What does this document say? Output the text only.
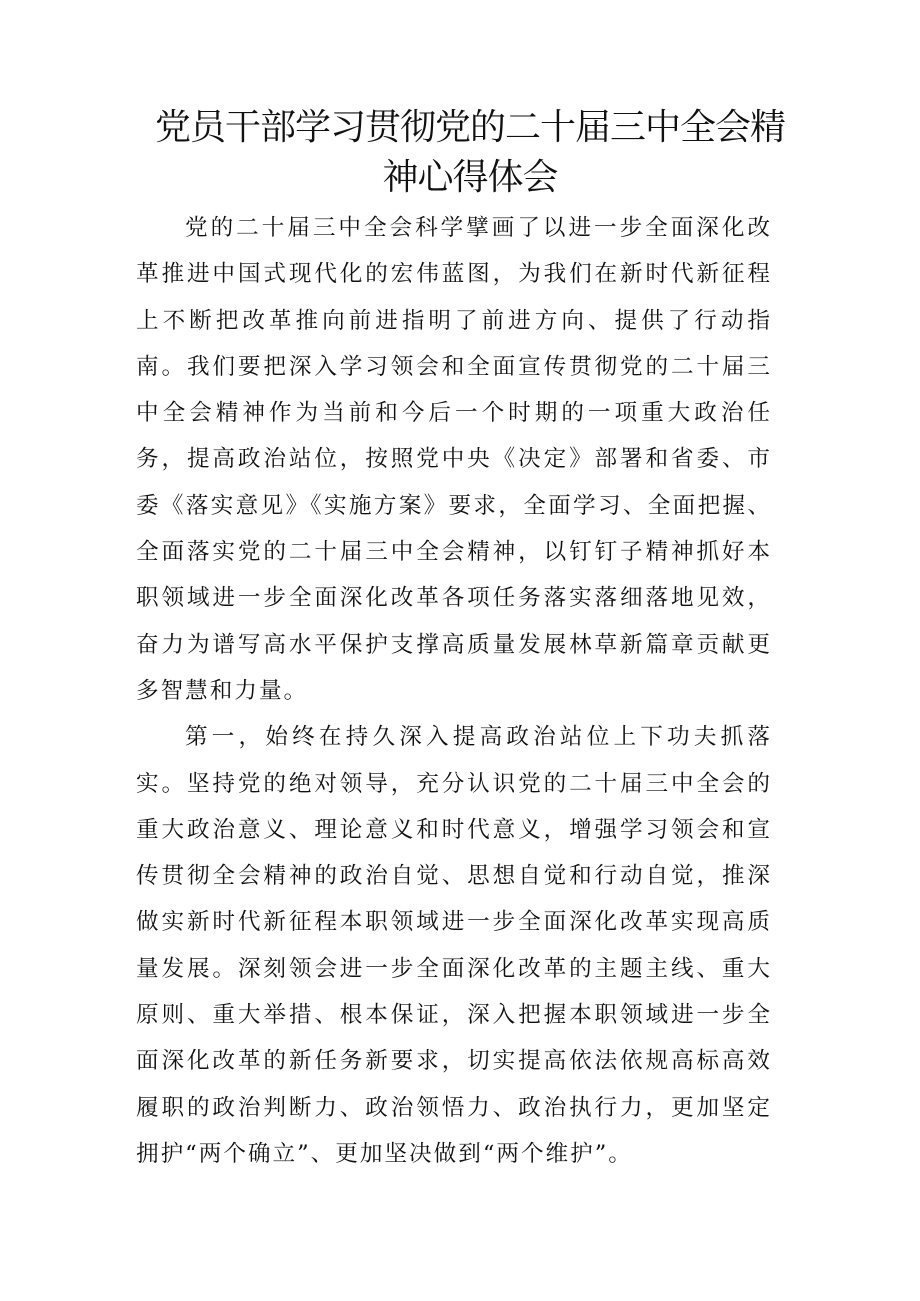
党员干部学习贯彻党的二十届三中全会精神心得体会

党的二十届三中全会科学擘画了以进一步全面深化改革推进中国式现代化的宏伟蓝图，为我们在新时代新征程上不断把改革推向前进指明了前进方向、提供了行动指南。我们要把深入学习领会和全面宣传贯彻党的二十届三中全会精神作为当前和今后一个时期的一项重大政治任务，提高政治站位，按照党中央《决定》部署和省委、市委《落实意见》《实施方案》要求，全面学习、全面把握、全面落实党的二十届三中全会精神，以钉钉子精神抓好本职领域进一步全面深化改革各项任务落实落细落地见效，奋力为谱写高水平保护支撑高质量发展林草新篇章贡献更多智慧和力量。

第一，始终在持久深入提高政治站位上下功夫抓落实。坚持党的绝对领导，充分认识党的二十届三中全会的重大政治意义、理论意义和时代意义，增强学习领会和宣传贯彻全会精神的政治自觉、思想自觉和行动自觉，推深做实新时代新征程本职领域进一步全面深化改革实现高质量发展。深刻领会进一步全面深化改革的主题主线、重大原则、重大举措、根本保证，深入把握本职领域进一步全面深化改革的新任务新要求，切实提高依法依规高标高效履职的政治判断力、政治领悟力、政治执行力，更加坚定拥护“两个确立”、更加坚决做到“两个维护”。
